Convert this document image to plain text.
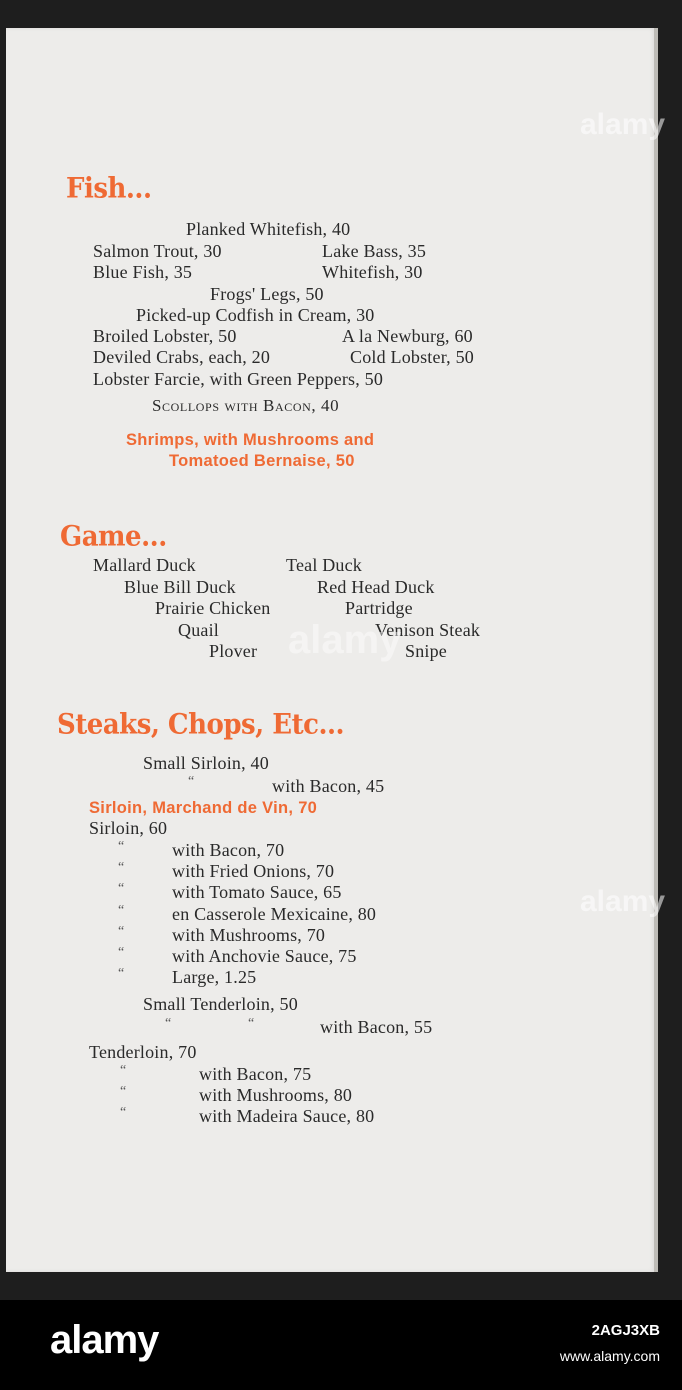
Fish...
Planked Whitefish, 40
Salmon Trout, 30	Lake Bass, 35
Blue Fish, 35	Whitefish, 30
Frogs' Legs, 50
Picked-up Codfish in Cream, 30
Broiled Lobster, 50	A la Newburg, 60
Deviled Crabs, each, 20	Cold Lobster, 50
Lobster Farcie, with Green Peppers, 50
Scollops with Bacon, 40
Shrimps, with Mushrooms and
Tomatoed Bernaise, 50
Game...
Mallard Duck	Teal Duck
Blue Bill Duck	Red Head Duck
Prairie Chicken	Partridge
Quail	Venison Steak
Plover	Snipe
Steaks, Chops, Etc...
Small Sirloin, 40
“	with Bacon, 45
Sirloin, Marchand de Vin, 70
Sirloin, 60
“	with Bacon, 70
“	with Fried Onions, 70
“	with Tomato Sauce, 65
“	en Casserole Mexicaine, 80
“	with Mushrooms, 70
“	with Anchovie Sauce, 75
“	Large, 1.25
Small Tenderloin, 50
“	“	with Bacon, 55
Tenderloin, 70
“	with Bacon, 75
“	with Mushrooms, 80
“	with Madeira Sauce, 80
alamy
alamy
alamy
alamy	2AGJ3XB
www.alamy.com
